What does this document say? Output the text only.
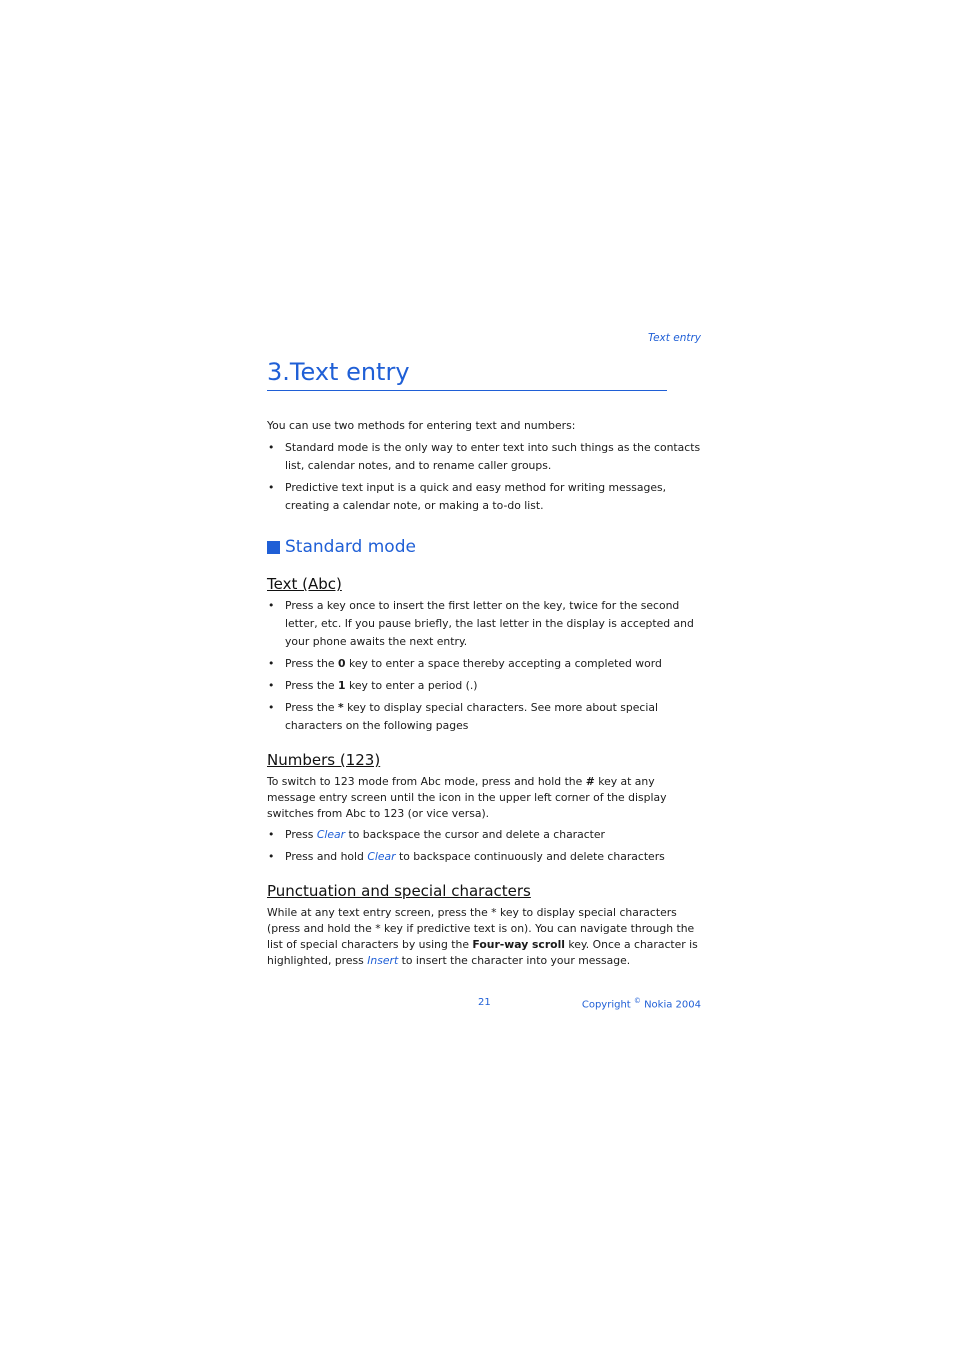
Text entry
3.Text entry

You can use two methods for entering text and numbers:

• Standard mode is the only way to enter text into such things as the contacts list, calendar notes, and to rename caller groups.
• Predictive text input is a quick and easy method for writing messages, creating a calendar note, or making a to-do list.
Standard mode
Text (Abc)
• Press a key once to insert the first letter on the key, twice for the second letter, etc. If you pause briefly, the last letter in the display is accepted and your phone awaits the next entry.
• Press the 0 key to enter a space thereby accepting a completed word
• Press the 1 key to enter a period (.)
• Press the * key to display special characters. See more about special characters on the following pages
Numbers (123)

To switch to 123 mode from Abc mode, press and hold the # key at any message entry screen until the icon in the upper left corner of the display switches from Abc to 123 (or vice versa).

• Press Clear to backspace the cursor and delete a character
• Press and hold Clear to backspace continuously and delete characters
Punctuation and special characters

While at any text entry screen, press the * key to display special characters (press and hold the * key if predictive text is on). You can navigate through the list of special characters by using the Four-way scroll key. Once a character is highlighted, press Insert to insert the character into your message.

21	Copyright © Nokia 2004
